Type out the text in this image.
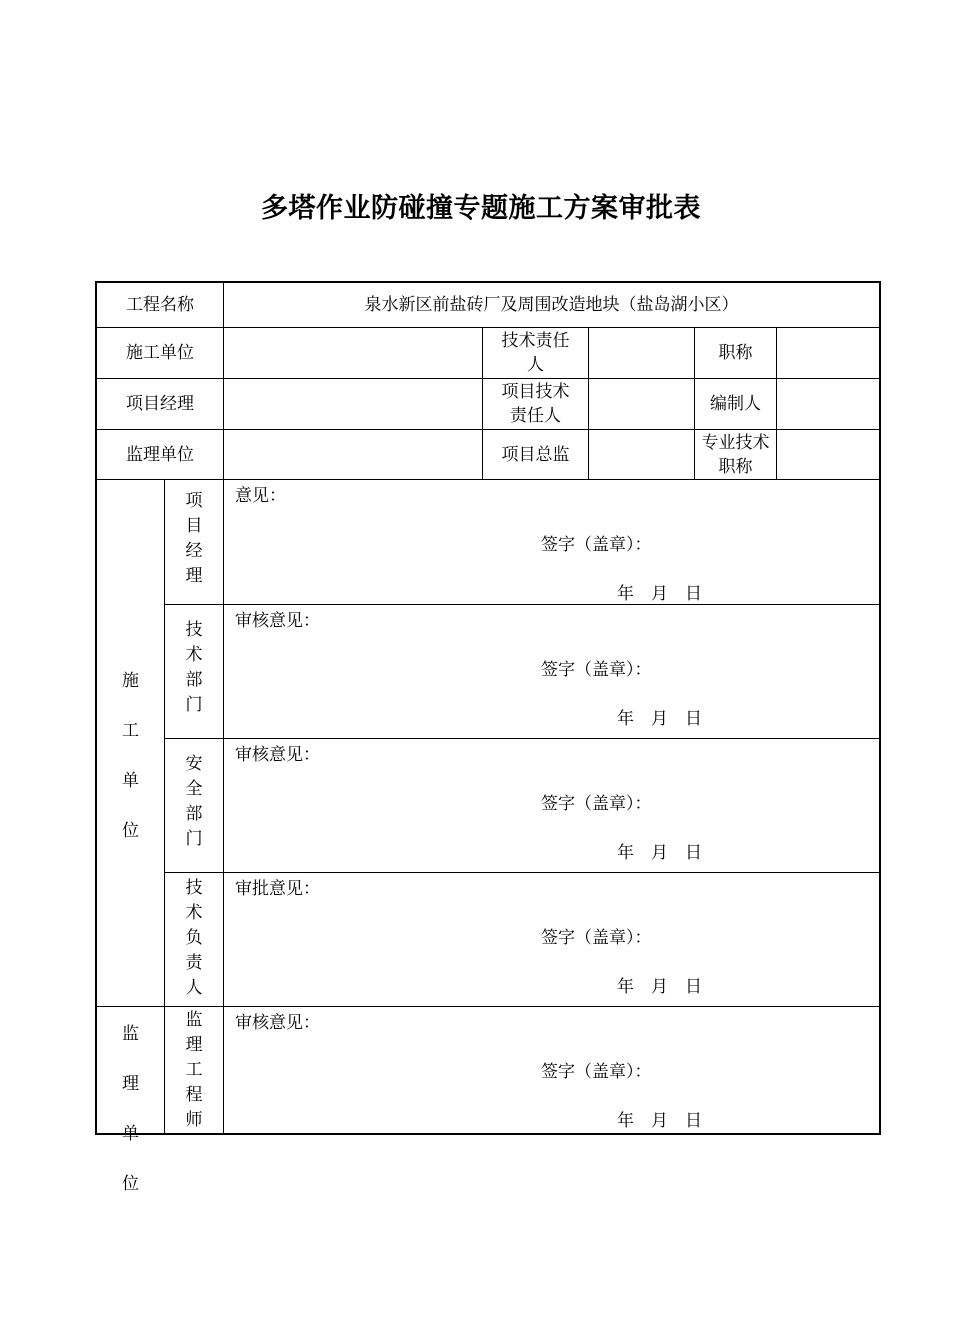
多塔作业防碰撞专题施工方案审批表
工程名称	泉水新区前盐砖厂及周围改造地块（盐岛湖小区）
施工单位
技术责任人
职称
项目经理
项目技术责任人
编制人
监理单位	项目总监
专业技术职称
施
工
单
位
监
理
单
位
项
目
经
理
意见：
签字（盖章）：
年　月　日
技
术
部
门
审核意见：
签字（盖章）：
年　月　日
安
全
部
门
审核意见：
签字（盖章）：
年　月　日
技
术
负
责
人
审批意见：
签字（盖章）：
年　月　日
监
理
工
程
师
审核意见：
签字（盖章）：
年　月　日
